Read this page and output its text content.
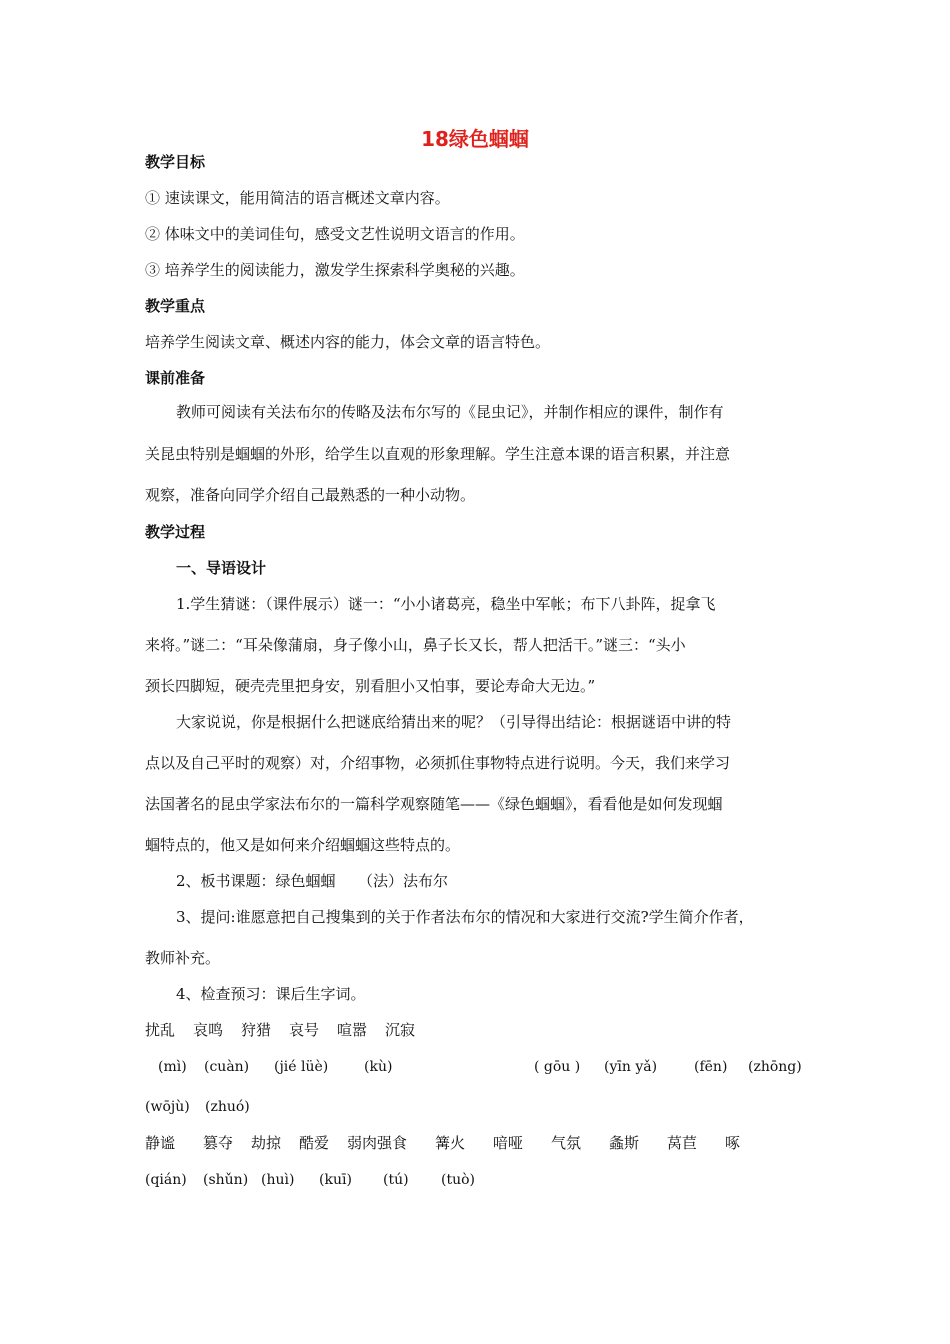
18绿色蝈蝈
教学目标
① 速读课文，能用简洁的语言概述文章内容。
② 体味文中的美词佳句，感受文艺性说明文语言的作用。
③ 培养学生的阅读能力，激发学生探索科学奥秘的兴趣。
教学重点
培养学生阅读文章、概述内容的能力，体会文章的语言特色。
课前准备
教师可阅读有关法布尔的传略及法布尔写的《昆虫记》，并制作相应的课件，制作有
关昆虫特别是蝈蝈的外形，给学生以直观的形象理解。学生注意本课的语言积累，并注意
观察，准备向同学介绍自己最熟悉的一种小动物。
教学过程
一、导语设计
1.学生猜谜：（课件展示）谜一：“小小诸葛亮，稳坐中军帐；布下八卦阵，捉拿飞
来将。”谜二：“耳朵像蒲扇，身子像小山，鼻子长又长，帮人把活干。”谜三：“头小
颈长四脚短，硬壳壳里把身安，别看胆小又怕事，要论寿命大无边。”
大家说说，你是根据什么把谜底给猜出来的呢？（引导得出结论：根据谜语中讲的特
点以及自己平时的观察）对，介绍事物，必须抓住事物特点进行说明。今天，我们来学习
法国著名的昆虫学家法布尔的一篇科学观察随笔——《绿色蝈蝈》，看看他是如何发现蝈
蝈特点的，他又是如何来介绍蝈蝈这些特点的。
2、板书课题：绿色蝈蝈　　（法）法布尔
3、提问:谁愿意把自己搜集到的关于作者法布尔的情况和大家进行交流?学生简介作者，
教师补充。
4、检查预习：课后生字词。
扰乱 哀鸣 狩猎 哀号 喧嚣 沉寂
(mì) (cuàn) (jié lüè)	(kù)	( gōu ) (yīn yǎ)	(fēn) (zhōng)
(wōjù) (zhuó)
静谧 篡夺 劫掠 酷爱 弱肉强食 篝火 喑哑 气氛 螽斯 莴苣 啄
(qián) (shǔn) (huì) (kuī) (tú) (tuò)
